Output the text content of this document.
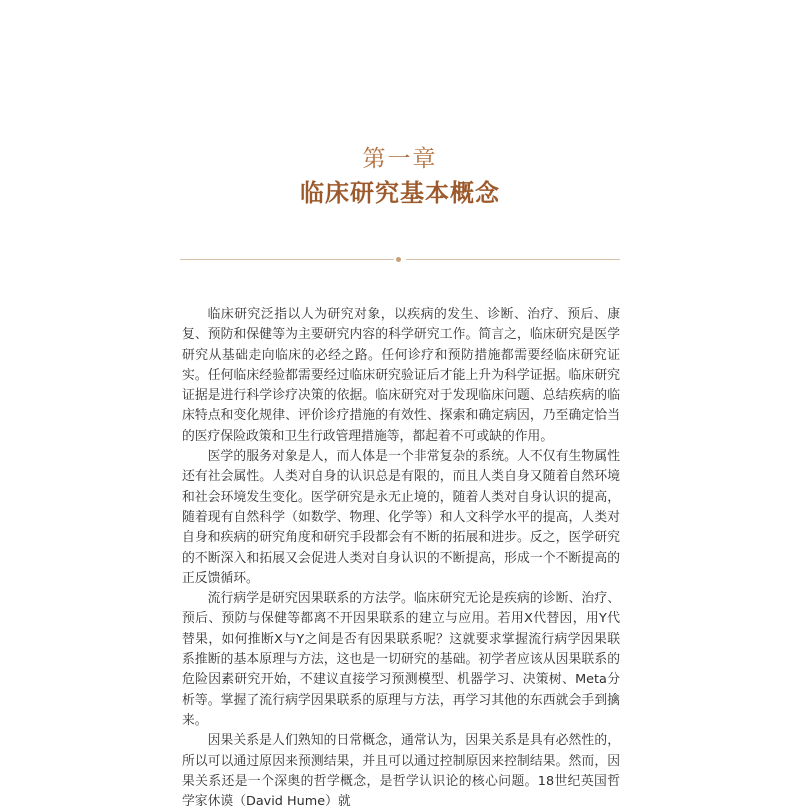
第一章
临床研究基本概念

临床研究泛指以人为研究对象，以疾病的发生、诊断、治疗、预后、康复、预防和保健等为主要研究内容的科学研究工作。简言之，临床研究是医学研究从基础走向临床的必经之路。任何诊疗和预防措施都需要经临床研究证实。任何临床经验都需要经过临床研究验证后才能上升为科学证据。临床研究证据是进行科学诊疗决策的依据。临床研究对于发现临床问题、总结疾病的临床特点和变化规律、评价诊疗措施的有效性、探索和确定病因，乃至确定恰当的医疗保险政策和卫生行政管理措施等，都起着不可或缺的作用。

医学的服务对象是人，而人体是一个非常复杂的系统。人不仅有生物属性还有社会属性。人类对自身的认识总是有限的，而且人类自身又随着自然环境和社会环境发生变化。医学研究是永无止境的，随着人类对自身认识的提高，随着现有自然科学（如数学、物理、化学等）和人文科学水平的提高，人类对自身和疾病的研究角度和研究手段都会有不断的拓展和进步。反之，医学研究的不断深入和拓展又会促进人类对自身认识的不断提高，形成一个不断提高的正反馈循环。

流行病学是研究因果联系的方法学。临床研究无论是疾病的诊断、治疗、预后、预防与保健等都离不开因果联系的建立与应用。若用X代替因，用Y代替果，如何推断X与Y之间是否有因果联系呢？这就要求掌握流行病学因果联系推断的基本原理与方法，这也是一切研究的基础。初学者应该从因果联系的危险因素研究开始，不建议直接学习预测模型、机器学习、决策树、Meta分析等。掌握了流行病学因果联系的原理与方法，再学习其他的东西就会手到擒来。

因果关系是人们熟知的日常概念，通常认为，因果关系是具有必然性的，所以可以通过原因来预测结果，并且可以通过控制原因来控制结果。然而，因果关系还是一个深奥的哲学概念，是哲学认识论的核心问题。18世纪英国哲学家休谟（David Hume）就
